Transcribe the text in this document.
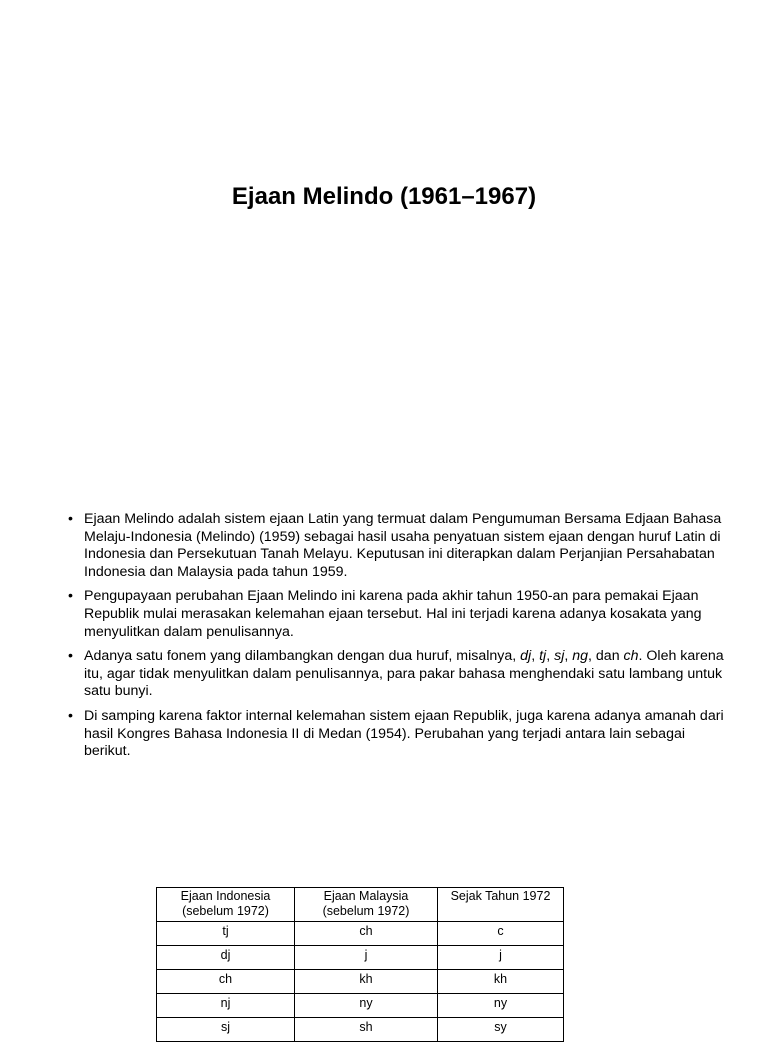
Ejaan Melindo (1961–1967)
• Ejaan Melindo adalah sistem ejaan Latin yang termuat dalam Pengumuman Bersama Edjaan Bahasa Melaju-Indonesia (Melindo) (1959) sebagai hasil usaha penyatuan sistem ejaan dengan huruf Latin di Indonesia dan Persekutuan Tanah Melayu. Keputusan ini diterapkan dalam Perjanjian Persahabatan Indonesia dan Malaysia pada tahun 1959.
• Pengupayaan perubahan Ejaan Melindo ini karena pada akhir tahun 1950-an para pemakai Ejaan Republik mulai merasakan kelemahan ejaan tersebut. Hal ini terjadi karena adanya kosakata yang menyulitkan dalam penulisannya.
• Adanya satu fonem yang dilambangkan dengan dua huruf, misalnya, dj, tj, sj, ng, dan ch. Oleh karena itu, agar tidak menyulitkan dalam penulisannya, para pakar bahasa menghendaki satu lambang untuk satu bunyi.
• Di samping karena faktor internal kelemahan sistem ejaan Republik, juga karena adanya amanah dari hasil Kongres Bahasa Indonesia II di Medan (1954). Perubahan yang terjadi antara lain sebagai berikut.
Ejaan Indonesia (sebelum 1972)	Ejaan Malaysia (sebelum 1972)	Sejak Tahun 1972
tj	ch	c
dj	j	j
ch	kh	kh
nj	ny	ny
sj	sh	sy
